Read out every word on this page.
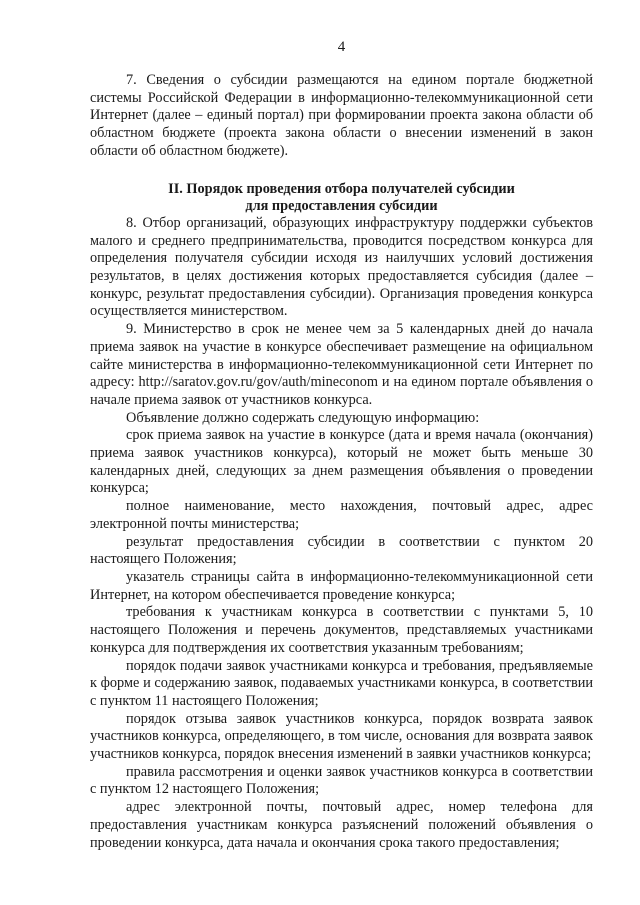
4

7. Сведения о субсидии размещаются на едином портале бюджетной системы Российской Федерации в информационно-телекоммуникационной сети Интернет (далее – единый портал) при формировании проекта закона области об областном бюджете (проекта закона области о внесении изменений в закон области об областном бюджете).

II. Порядок проведения отбора получателей субсидии
для предоставления субсидии

8. Отбор организаций, образующих инфраструктуру поддержки субъектов малого и среднего предпринимательства, проводится посредством конкурса для определения получателя субсидии исходя из наилучших условий достижения результатов, в целях достижения которых предоставляется субсидия (далее – конкурс, результат предоставления субсидии). Организация проведения конкурса осуществляется министерством.

9. Министерство в срок не менее чем за 5 календарных дней до начала приема заявок на участие в конкурсе обеспечивает размещение на официальном сайте министерства в информационно-телекоммуникационной сети Интернет по адресу: http://saratov.gov.ru/gov/auth/mineconom и на едином портале объявления о начале приема заявок от участников конкурса.

Объявление должно содержать следующую информацию:

срок приема заявок на участие в конкурсе (дата и время начала (окончания) приема заявок участников конкурса), который не может быть меньше 30 календарных дней, следующих за днем размещения объявления о проведении конкурса;

полное наименование, место нахождения, почтовый адрес, адрес электронной почты министерства;

результат предоставления субсидии в соответствии с пунктом 20 настоящего Положения;

указатель страницы сайта в информационно-телекоммуникационной сети Интернет, на котором обеспечивается проведение конкурса;

требования к участникам конкурса в соответствии с пунктами 5, 10 настоящего Положения и перечень документов, представляемых участниками конкурса для подтверждения их соответствия указанным требованиям;

порядок подачи заявок участниками конкурса и требования, предъявляемые к форме и содержанию заявок, подаваемых участниками конкурса, в соответствии с пунктом 11 настоящего Положения;

порядок отзыва заявок участников конкурса, порядок возврата заявок участников конкурса, определяющего, в том числе, основания для возврата заявок участников конкурса, порядок внесения изменений в заявки участников конкурса;

правила рассмотрения и оценки заявок участников конкурса в соответствии с пунктом 12 настоящего Положения;

адрес электронной почты, почтовый адрес, номер телефона для предоставления участникам конкурса разъяснений положений объявления о проведении конкурса, дата начала и окончания срока такого предоставления;
